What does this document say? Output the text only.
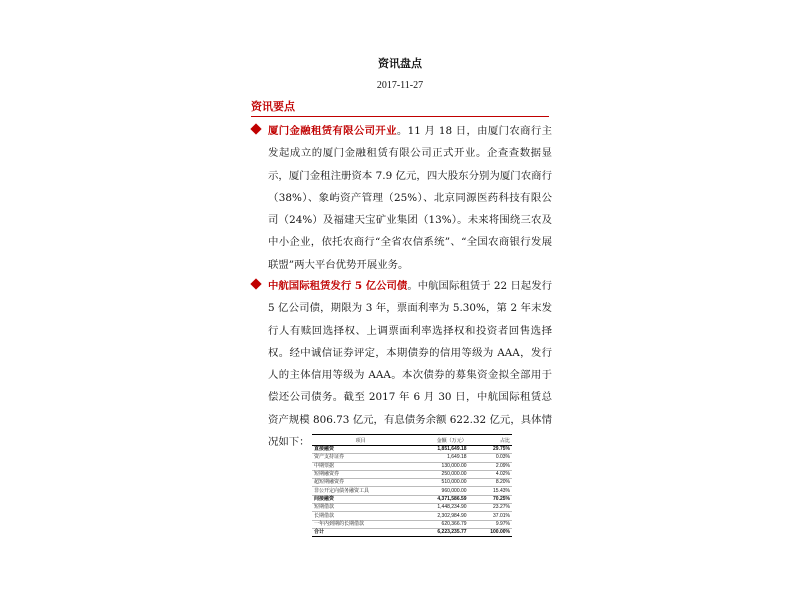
资讯盘点
2017-11-27
资讯要点
厦门金融租赁有限公司开业。11 月 18 日，由厦门农商行主发起成立的厦门金融租赁有限公司正式开业。企查查数据显示，厦门金租注册资本 7.9 亿元，四大股东分别为厦门农商行（38%）、象屿资产管理（25%）、北京同源医药科技有限公司（24%）及福建天宝矿业集团（13%）。未来将围绕三农及中小企业，依托农商行“全省农信系统”、“全国农商银行发展联盟”两大平台优势开展业务。
中航国际租赁发行 5 亿公司债。中航国际租赁于 22 日起发行 5 亿公司债，期限为 3 年，票面利率为 5.30%，第 2 年末发行人有赎回选择权、上调票面利率选择权和投资者回售选择权。经中诚信证券评定，本期债券的信用等级为 AAA，发行人的主体信用等级为 AAA。本次债券的募集资金拟全部用于偿还公司债务。截至 2017 年 6 月 30 日，中航国际租赁总资产规模 806.73 亿元，有息债务余额 622.32 亿元，具体情况如下：	项目	金额（万元）	占比
直接融资	1,851,649.18	29.75%
资产支持证券	1,649.18	0.03%
中期票据	130,000.00	2.09%
短期融资券	250,000.00	4.02%
超短期融资券	510,000.00	8.20%
非公开定向债务融资工具	960,000.00	15.43%
间接融资	4,371,586.59	70.25%
短期借款	1,448,234.90	23.27%
长期借款	2,302,984.90	37.01%
一年内到期的长期借款	620,366.79	9.97%
合计	6,223,235.77	100.00%
